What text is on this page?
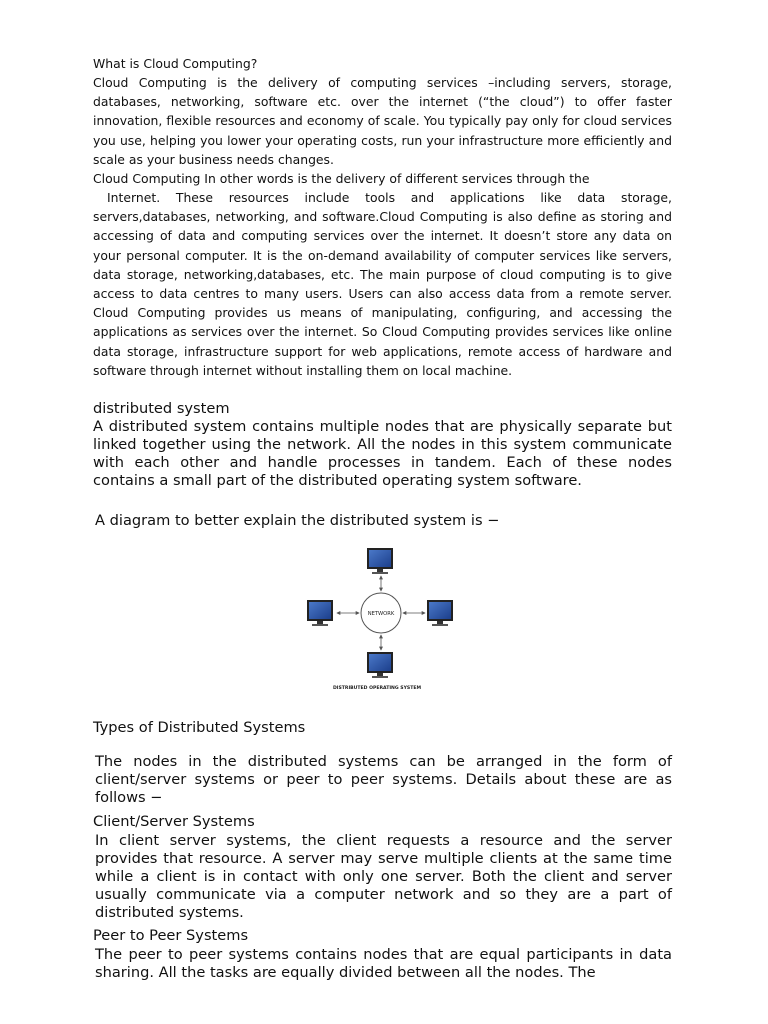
What is Cloud Computing?

Cloud Computing is the delivery of computing services –including servers, storage, databases, networking, software etc. over the internet (“the cloud”) to offer faster innovation, flexible resources and economy of scale. You typically pay only for cloud services you use, helping you lower your operating costs, run your infrastructure more efficiently and scale as your business needs changes.

Cloud Computing In other words is the delivery of different services through the

Internet. These resources include tools and applications like data storage, servers,databases, networking, and software.Cloud Computing is also define as storing and accessing of data and computing services over the internet. It doesn’t store any data on your personal computer. It is the on-demand availability of computer services like servers, data storage, networking,databases, etc. The main purpose of cloud computing is to give access to data centres to many users. Users can also access data from a remote server. Cloud Computing provides us means of manipulating, configuring, and accessing the applications as services over the internet. So Cloud Computing provides services like online data storage, infrastructure support for web applications, remote access of hardware and software through internet without installing them on local machine.

distributed system

A distributed system contains multiple nodes that are physically separate but linked together using the network. All the nodes in this system communicate with each other and handle processes in tandem. Each of these nodes contains a small part of the distributed operating system software.

A diagram to better explain the distributed system is −

NETWORK
DISTRIBUTED OPERATING SYSTEM

Types of Distributed Systems

The nodes in the distributed systems can be arranged in the form of client/server systems or peer to peer systems. Details about these are as follows −

Client/Server Systems

In client server systems, the client requests a resource and the server provides that resource. A server may serve multiple clients at the same time while a client is in contact with only one server. Both the client and server usually communicate via a computer network and so they are a part of distributed systems.

Peer to Peer Systems

The peer to peer systems contains nodes that are equal participants in data sharing. All the tasks are equally divided between all the nodes. The
